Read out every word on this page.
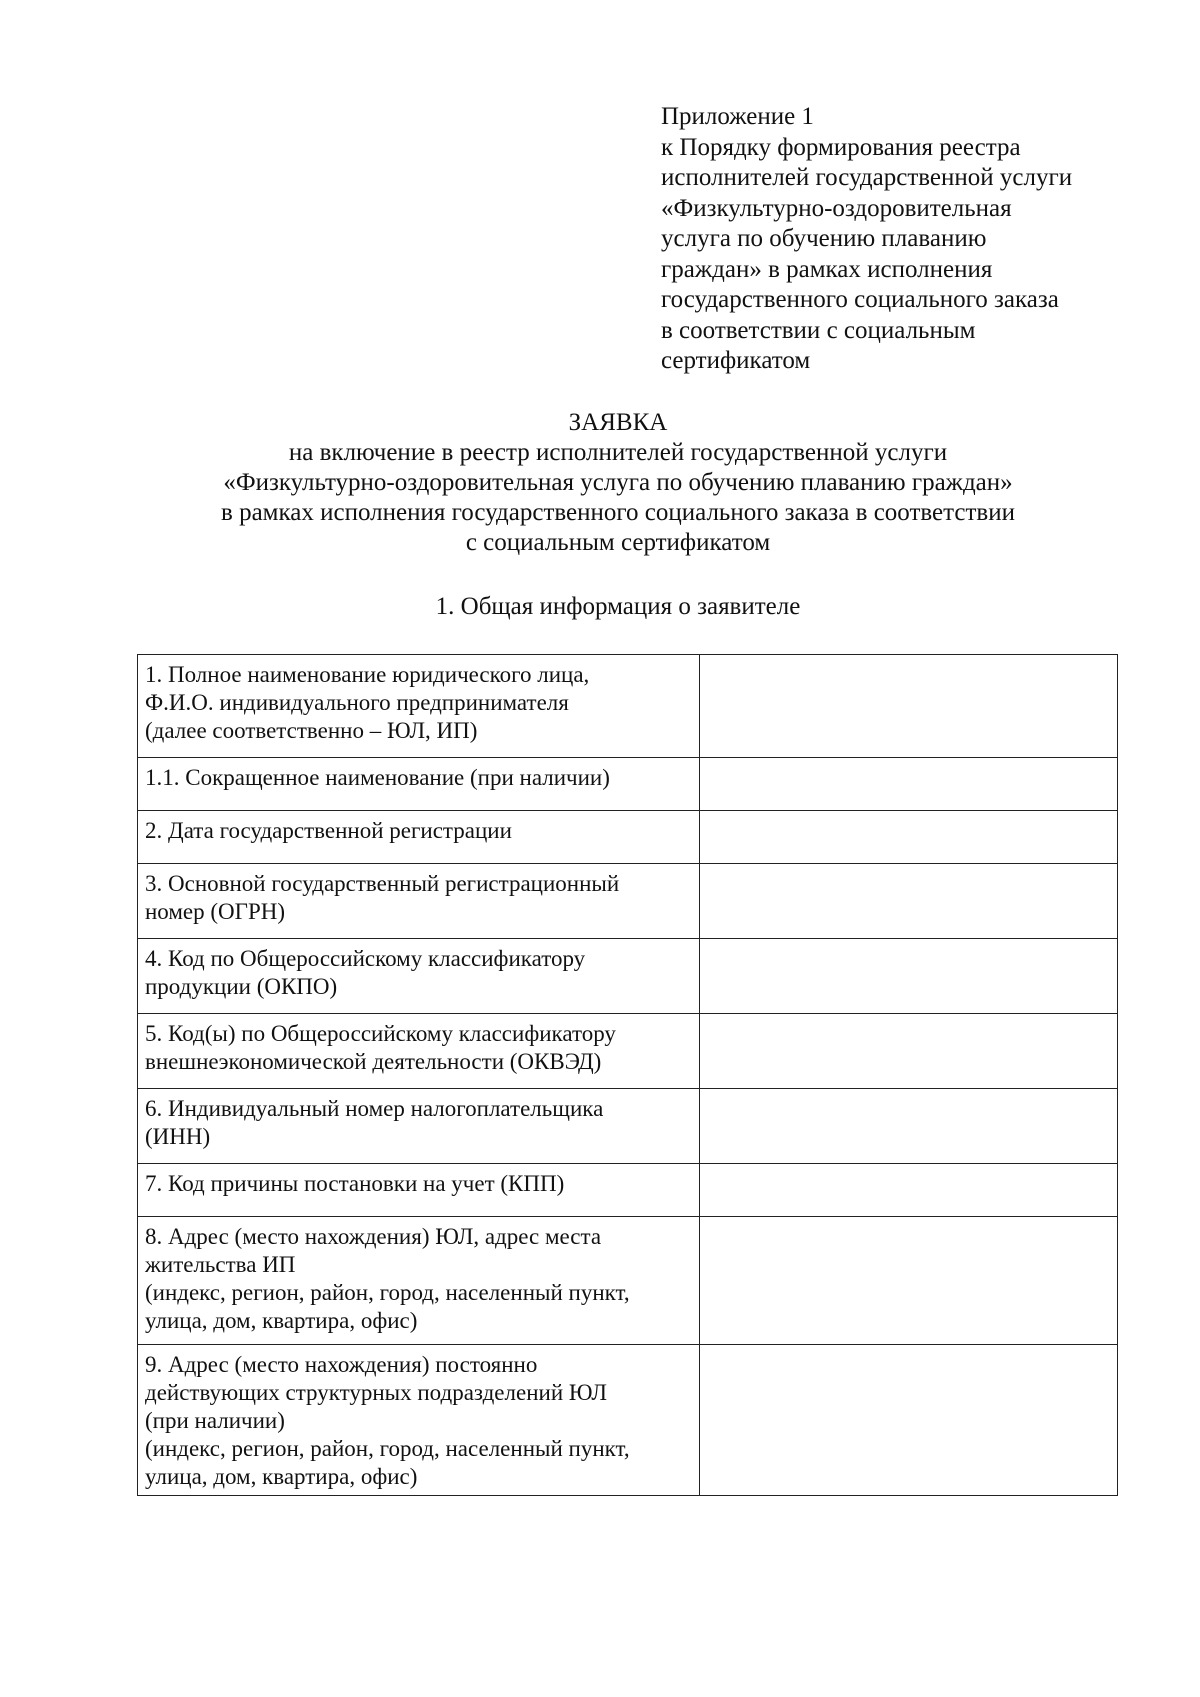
Приложение 1
к Порядку формирования реестра
исполнителей государственной услуги
«Физкультурно-оздоровительная
услуга по обучению плаванию
граждан» в рамках исполнения
государственного социального заказа
в соответствии с социальным
сертификатом
ЗАЯВКА
на включение в реестр исполнителей государственной услуги
«Физкультурно-оздоровительная услуга по обучению плаванию граждан»
в рамках исполнения государственного социального заказа в соответствии
с социальным сертификатом
1. Общая информация о заявителе
1. Полное наименование юридического лица,
Ф.И.О. индивидуального предпринимателя
(далее соответственно – ЮЛ, ИП)	

1.1. Сокращенное наименование (при наличии)	

2. Дата государственной регистрации	

3. Основной государственный регистрационный
номер (ОГРН)	

4. Код по Общероссийскому классификатору
продукции (ОКПО)	

5. Код(ы) по Общероссийскому классификатору
внешнеэкономической деятельности (ОКВЭД)	

6. Индивидуальный номер налогоплательщика
(ИНН)	

7. Код причины постановки на учет (КПП)	

8. Адрес (место нахождения) ЮЛ, адрес места
жительства ИП
(индекс, регион, район, город, населенный пункт,
улица, дом, квартира, офис)	

9. Адрес (место нахождения) постоянно
действующих структурных подразделений ЮЛ
(при наличии)
(индекс, регион, район, город, населенный пункт,
улица, дом, квартира, офис)	
